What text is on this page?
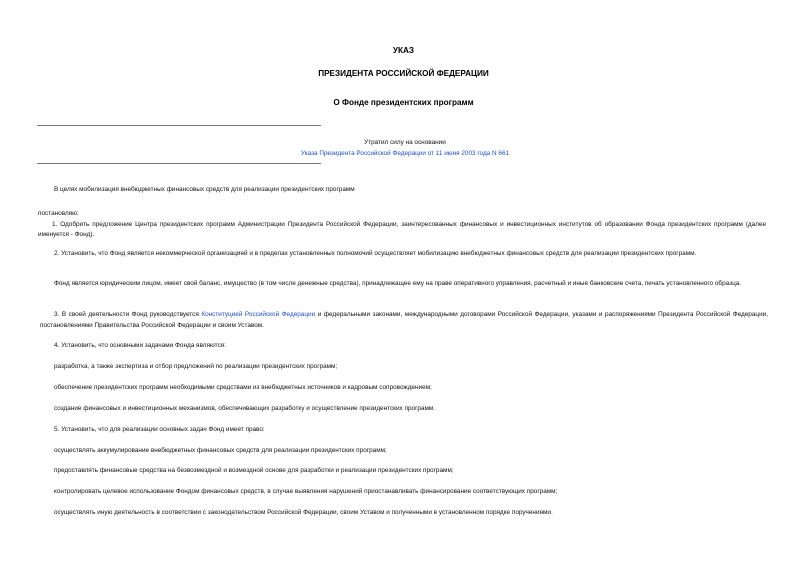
УКАЗ
ПРЕЗИДЕНТА РОССИЙСКОЙ ФЕДЕРАЦИИ
О Фонде президентских программ
Утратил силу на основании
Указа Президента Российской Федерации от 11 июня 2003 года N 661

В целях мобилизация внебюджетных финансовых средств для реализации президентских программ

постановляю:
1. Одобрить предложение Центра президентских программ Администрации Президента Российской Федерации, заинтересованных финансовых и инвестиционных институтов об образовании Фонда президентских программ (далее именуется - Фонд).

2. Установить, что Фонд является некоммерческой организацией и в пределах установленных полномочий осуществляет мобилизацию внебюджетных финансовых средств для реализации президентских программ.

Фонд является юридическим лицом, имеет свой баланс, имущество (в том числе денежные средства), принадлежащее ему на праве оперативного управления, расчетный и иные банковские счета, печать установленного образца.

3. В своей деятельности Фонд руководствуется Конституцией Российской Федерации и федеральными законами, международными договорами Российской Федерации, указами и распоряжениями Президента Российской Федерации, постановлениями Правительства Российской Федерации и своим Уставом.

4. Установить, что основными задачами Фонда являются:

разработка, а также экспертиза и отбор предложений по реализации президентских программ;

обеспечение президентских программ необходимыми средствами из внебюджетных источников и кадровым сопровождением;

создание финансовых и инвестиционных механизмов, обеспечивающих разработку и осуществление президентских программ.

5. Установить, что для реализации основных задач Фонд имеет право:

осуществлять аккумулирование внебюджетных финансовых средств для реализации президентских программ;

предоставлять финансовые средства на безвозмездной и возмездной основе для разработки и реализации президентских программ;

контролировать целевое использование Фондом финансовых средств, в случае выявления нарушений приостанавливать финансирование соответствующих программ;

осуществлять иную деятельность в соответствии с законодательством Российской Федерации, своим Уставом и полученными в установленном порядке поручениями.
